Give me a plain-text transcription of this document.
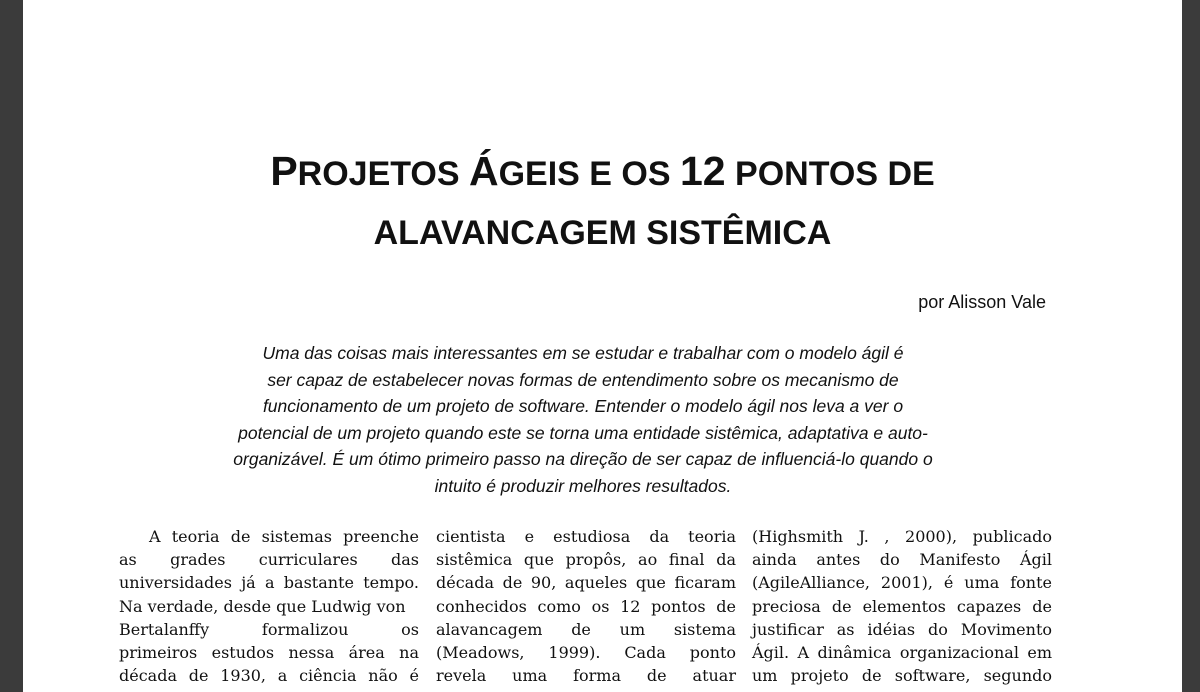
PROJETOS ÁGEIS E OS 12 PONTOS DE
ALAVANCAGEM SISTÊMICA
por Alisson Vale

Uma das coisas mais interessantes em se estudar e trabalhar com o modelo ágil é

ser capaz de estabelecer novas formas de entendimento sobre os mecanismo de

funcionamento de um projeto de software. Entender o modelo ágil nos leva a ver o

potencial de um projeto quando este se torna uma entidade sistêmica, adaptativa e auto-

organizável. É um ótimo primeiro passo na direção de ser capaz de influenciá-lo quando o

intuito é produzir melhores resultados.

A teoria de sistemas preenche

as grades curriculares das

universidades já a bastante tempo.

Na verdade, desde que Ludwig von

Bertalanffy formalizou os

primeiros estudos nessa área na

década de 1930, a ciência não é

cientista e estudiosa da teoria

sistêmica que propôs, ao final da

década de 90, aqueles que ficaram

conhecidos como os 12 pontos de

alavancagem de um sistema

(Meadows, 1999). Cada ponto

revela uma forma de atuar

(Highsmith J. , 2000), publicado

ainda antes do Manifesto Ágil

(AgileAlliance, 2001), é uma fonte

preciosa de elementos capazes de

justificar as idéias do Movimento

Ágil. A dinâmica organizacional em

um projeto de software, segundo
